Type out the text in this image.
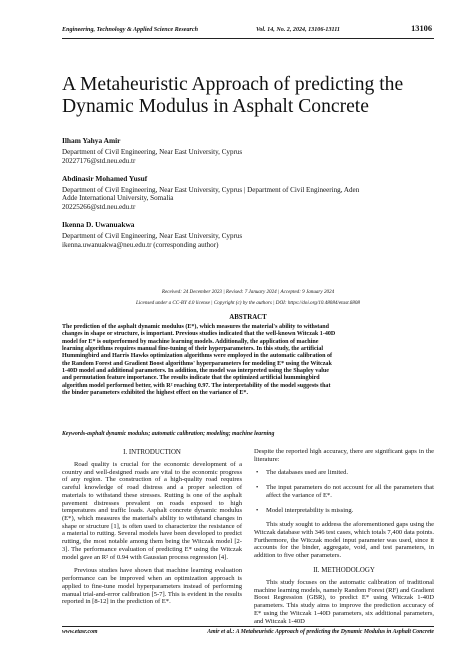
Engineering, Technology & Applied Science Research	Vol. 14, No. 2, 2024, 13106-13111	13106
A Metaheuristic Approach of predicting the
Dynamic Modulus in Asphalt Concrete
Ilham Yahya Amir
Department of Civil Engineering, Near East University, Cyprus
20227176@std.neu.edu.tr
Abdinasir Mohamed Yusuf
Department of Civil Engineering, Near East University, Cyprus | Department of Civil Engineering, Aden
Adde International University, Somalia
20225266@std.neu.edu.tr
Ikenna D. Uwanuakwa
Department of Civil Engineering, Near East University, Cyprus
ikenna.uwanuakwa@neu.edu.tr (corresponding author)
Received: 24 December 2023 | Revised: 7 January 2024 | Accepted: 9 January 2024
Licensed under a CC-BY 4.0 license | Copyright (c) by the authors | DOI: https://doi.org/10.48084/etasr.6808
ABSTRACT
The prediction of the asphalt dynamic modulus (E*), which measures the material's ability to withstand
changes in shape or structure, is important. Previous studies indicated that the well-known Witczak 1-40D
model for E* is outperformed by machine learning models. Additionally, the application of machine
learning algorithms requires manual fine-tuning of their hyperparameters. In this study, the artificial
Hummingbird and Harris Hawks optimization algorithms were employed in the automatic calibration of
the Random Forest and Gradient Boost algorithms' hyperparameters for modeling E* using the Witczak
1-40D model and additional parameters. In addition, the model was interpreted using the Shapley value
and permutation feature importance. The results indicate that the optimized artificial hummingbird
algorithm model performed better, with R² reaching 0.97. The interpretability of the model suggests that
the binder parameters exhibited the highest effect on the variance of E*.
Keywords-asphalt dynamic modulus; automatic calibration; modeling; machine learning
I. INTRODUCTION
Road quality is crucial for the economic development of a country and well-designed roads are vital to the economic progress of any region. The construction of a high-quality road requires careful knowledge of road distress and a proper selection of materials to withstand these stresses. Rutting is one of the asphalt pavement distresses prevalent on roads exposed to high temperatures and traffic loads. Asphalt concrete dynamic modulus (E*), which measures the material's ability to withstand changes in shape or structure [1], is often used to characterize the resistance of a material to rutting. Several models have been developed to predict rutting, the most notable among them being the Witczak model [2-3]. The performance evaluation of predicting E* using the Witczak model gave an R² of 0.94 with Gaussian process regression [4].
Previous studies have shown that machine learning evaluation performance can be improved when an optimization approach is applied to fine-tune model hyperparameters instead of performing manual trial-and-error calibration [5-7]. This is evident in the results reported in [8-12] in the prediction of E*.
Despite the reported high accuracy, there are significant gaps in the literature:
• The databases used are limited.
• The input parameters do not account for all the parameters that affect the variance of E*.
• Model interpretability is missing.
This study sought to address the aforementioned gaps using the Witczak database with 346 test cases, which totals 7,400 data points. Furthermore, the Witczak model input parameter was used, since it accounts for the binder, aggregate, void, and test parameters, in addition to five other parameters.
II. METHODOLOGY
This study focuses on the automatic calibration of traditional machine learning models, namely Random Forest (RF) and Gradient Boost Regression (GBR), to predict E* using Witczak 1-40D parameters. This study aims to improve the prediction accuracy of E* using the Witczak 1-40D parameters, six additional parameters, and Witczak 1-40D
www.etasr.com	Amir et al.: A Metaheuristic Approach of predicting the Dynamic Modulus in Asphalt Concrete
